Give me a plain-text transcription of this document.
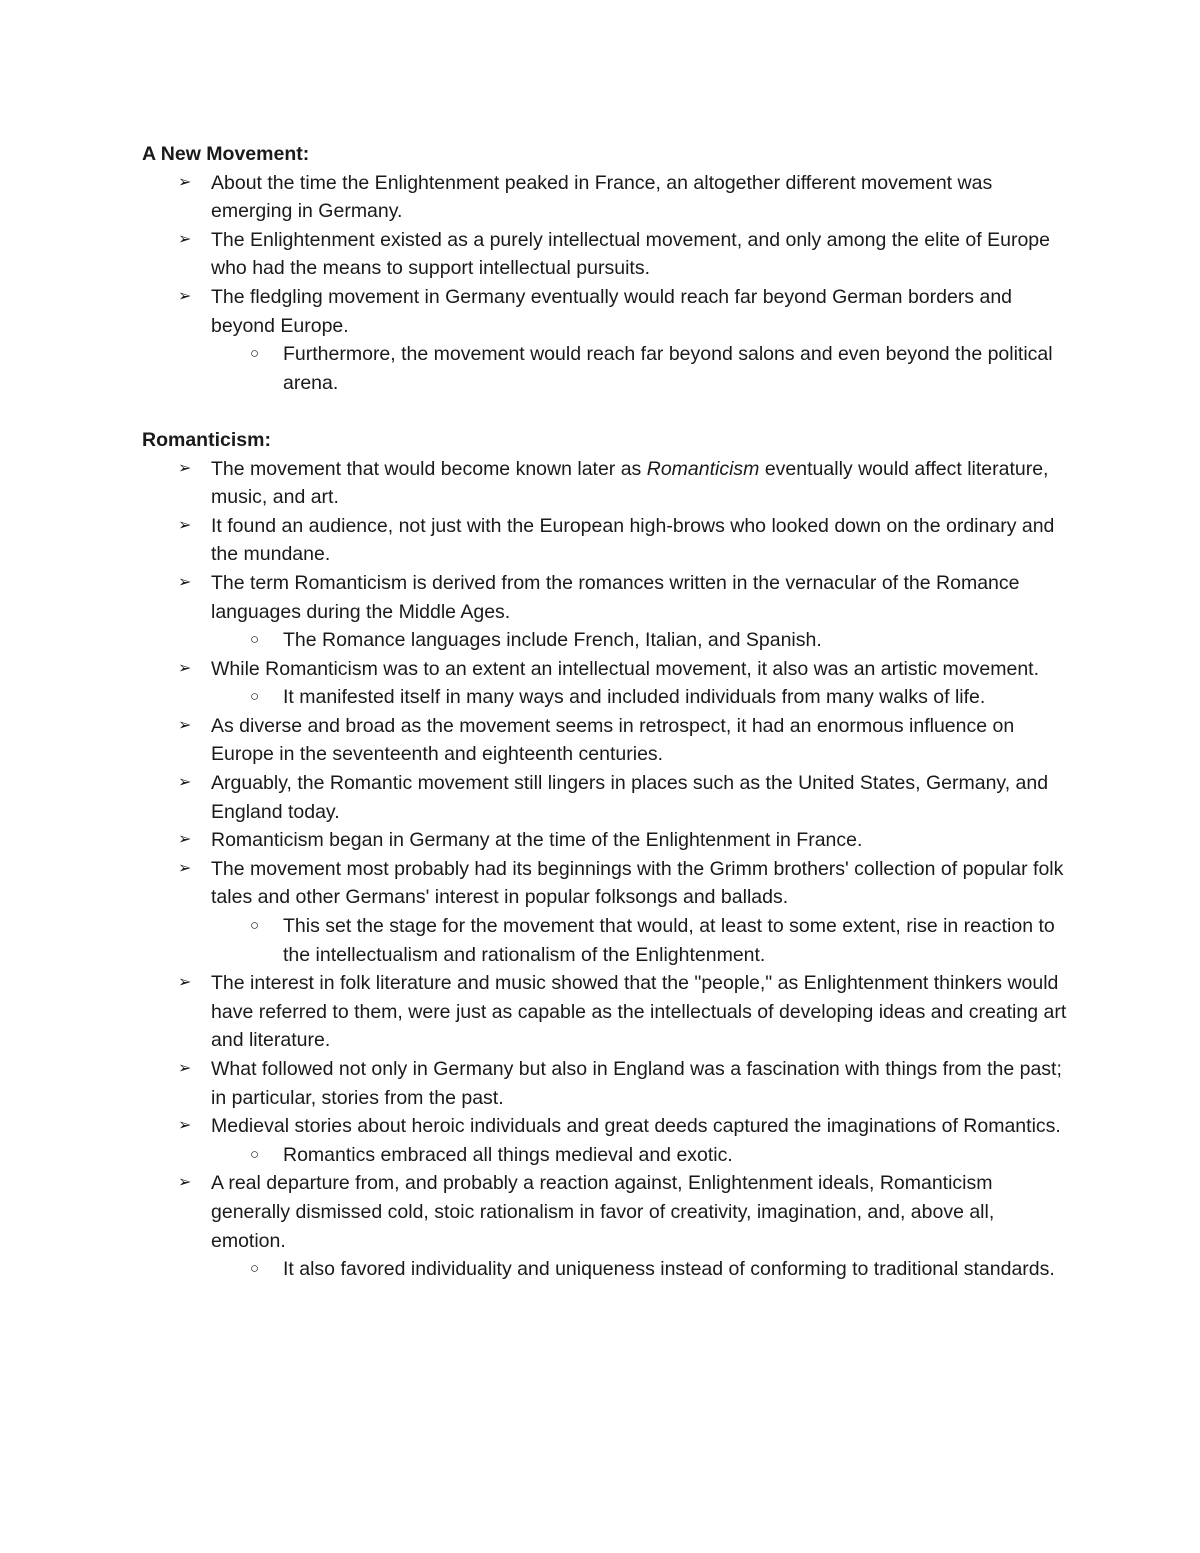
A New Movement:

➢ About the time the Enlightenment peaked in France, an altogether different movement was emerging in Germany.
➢ The Enlightenment existed as a purely intellectual movement, and only among the elite of Europe who had the means to support intellectual pursuits.
➢ The fledgling movement in Germany eventually would reach far beyond German borders and beyond Europe.
○ Furthermore, the movement would reach far beyond salons and even beyond the political arena.

Romanticism:

➢ The movement that would become known later as Romanticism eventually would affect literature, music, and art.
➢ It found an audience, not just with the European high-brows who looked down on the ordinary and the mundane.
➢ The term Romanticism is derived from the romances written in the vernacular of the Romance languages during the Middle Ages.
○ The Romance languages include French, Italian, and Spanish.
➢ While Romanticism was to an extent an intellectual movement, it also was an artistic movement.
○ It manifested itself in many ways and included individuals from many walks of life.
➢ As diverse and broad as the movement seems in retrospect, it had an enormous influence on Europe in the seventeenth and eighteenth centuries.
➢ Arguably, the Romantic movement still lingers in places such as the United States, Germany, and England today.
➢ Romanticism began in Germany at the time of the Enlightenment in France.
➢ The movement most probably had its beginnings with the Grimm brothers' collection of popular folk tales and other Germans' interest in popular folksongs and ballads.
○ This set the stage for the movement that would, at least to some extent, rise in reaction to the intellectualism and rationalism of the Enlightenment.
➢ The interest in folk literature and music showed that the "people," as Enlightenment thinkers would have referred to them, were just as capable as the intellectuals of developing ideas and creating art and literature.
➢ What followed not only in Germany but also in England was a fascination with things from the past; in particular, stories from the past.
➢ Medieval stories about heroic individuals and great deeds captured the imaginations of Romantics.
○ Romantics embraced all things medieval and exotic.
➢ A real departure from, and probably a reaction against, Enlightenment ideals, Romanticism generally dismissed cold, stoic rationalism in favor of creativity, imagination, and, above all, emotion.
○ It also favored individuality and uniqueness instead of conforming to traditional standards.
